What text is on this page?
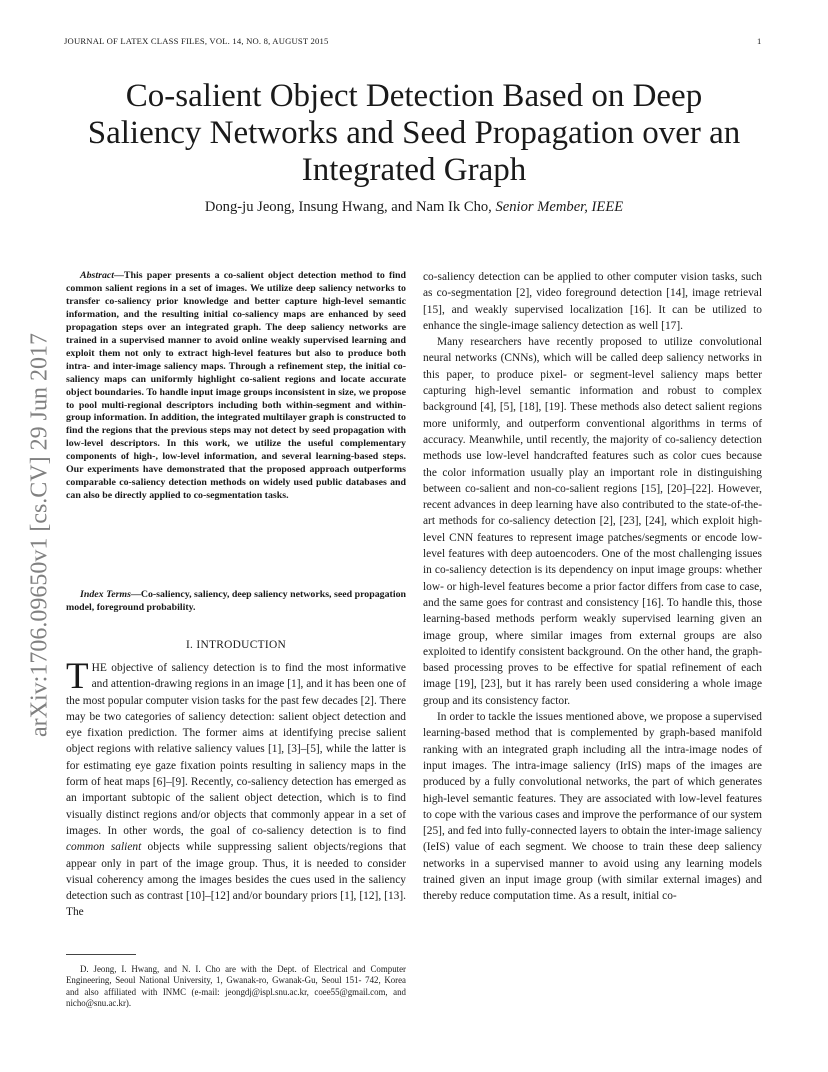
JOURNAL OF LATEX CLASS FILES, VOL. 14, NO. 8, AUGUST 2015	1
arXiv:1706.09650v1 [cs.CV] 29 Jun 2017
Co-salient Object Detection Based on Deep Saliency Networks and Seed Propagation over an Integrated Graph
Dong-ju Jeong, Insung Hwang, and Nam Ik Cho, Senior Member, IEEE
Abstract—This paper presents a co-salient object detection method to find common salient regions in a set of images. We utilize deep saliency networks to transfer co-saliency prior knowledge and better capture high-level semantic information, and the resulting initial co-saliency maps are enhanced by seed propagation steps over an integrated graph. The deep saliency networks are trained in a supervised manner to avoid online weakly supervised learning and exploit them not only to extract high-level features but also to produce both intra- and inter-image saliency maps. Through a refinement step, the initial co-saliency maps can uniformly highlight co-salient regions and locate accurate object boundaries. To handle input image groups inconsistent in size, we propose to pool multi-regional descriptors including both within-segment and within-group information. In addition, the integrated multilayer graph is constructed to find the regions that the previous steps may not detect by seed propagation with low-level descriptors. In this work, we utilize the useful complementary components of high-, low-level information, and several learning-based steps. Our experiments have demonstrated that the proposed approach outperforms comparable co-saliency detection methods on widely used public databases and can also be directly applied to co-segmentation tasks.
Index Terms—Co-saliency, saliency, deep saliency networks, seed propagation model, foreground probability.
I. INTRODUCTION
THE objective of saliency detection is to find the most informative and attention-drawing regions in an image [1], and it has been one of the most popular computer vision tasks for the past few decades [2]. There may be two categories of saliency detection: salient object detection and eye fixation prediction. The former aims at identifying precise salient object regions with relative saliency values [1], [3]–[5], while the latter is for estimating eye gaze fixation points resulting in saliency maps in the form of heat maps [6]–[9]. Recently, co-saliency detection has emerged as an important subtopic of the salient object detection, which is to find visually distinct regions and/or objects that commonly appear in a set of images. In other words, the goal of co-saliency detection is to find common salient objects while suppressing salient objects/regions that appear only in part of the image group. Thus, it is needed to consider visual coherency among the images besides the cues used in the saliency detection such as contrast [10]–[12] and/or boundary priors [1], [12], [13]. The
D. Jeong, I. Hwang, and N. I. Cho are with the Dept. of Electrical and Computer Engineering, Seoul National University, 1, Gwanak-ro, Gwanak-Gu, Seoul 151- 742, Korea and also affiliated with INMC (e-mail: jeongdj@ispl.snu.ac.kr, coee55@gmail.com, and nicho@snu.ac.kr).

co-saliency detection can be applied to other computer vision tasks, such as co-segmentation [2], video foreground detection [14], image retrieval [15], and weakly supervised localization [16]. It can be utilized to enhance the single-image saliency detection as well [17].

Many researchers have recently proposed to utilize convolutional neural networks (CNNs), which will be called deep saliency networks in this paper, to produce pixel- or segment-level saliency maps better capturing high-level semantic information and robust to complex background [4], [5], [18], [19]. These methods also detect salient regions more uniformly, and outperform conventional algorithms in terms of accuracy. Meanwhile, until recently, the majority of co-saliency detection methods use low-level handcrafted features such as color cues because the color information usually play an important role in distinguishing between co-salient and non-co-salient regions [15], [20]–[22]. However, recent advances in deep learning have also contributed to the state-of-the-art methods for co-saliency detection [2], [23], [24], which exploit high-level CNN features to represent image patches/segments or encode low-level features with deep autoencoders. One of the most challenging issues in co-saliency detection is its dependency on input image groups: whether low- or high-level features become a prior factor differs from case to case, and the same goes for contrast and consistency [16]. To handle this, those learning-based methods perform weakly supervised learning given an image group, where similar images from external groups are also exploited to identify consistent background. On the other hand, the graph-based processing proves to be effective for spatial refinement of each image [19], [23], but it has rarely been used considering a whole image group and its consistency factor.

In order to tackle the issues mentioned above, we propose a supervised learning-based method that is complemented by graph-based manifold ranking with an integrated graph including all the intra-image nodes of input images. The intra-image saliency (IrIS) maps of the images are produced by a fully convolutional networks, the part of which generates high-level semantic features. They are associated with low-level features to cope with the various cases and improve the performance of our system [25], and fed into fully-connected layers to obtain the inter-image saliency (IeIS) value of each segment. We choose to train these deep saliency networks in a supervised manner to avoid using any learning models trained given an input image group (with similar external images) and thereby reduce computation time. As a result, initial co-
